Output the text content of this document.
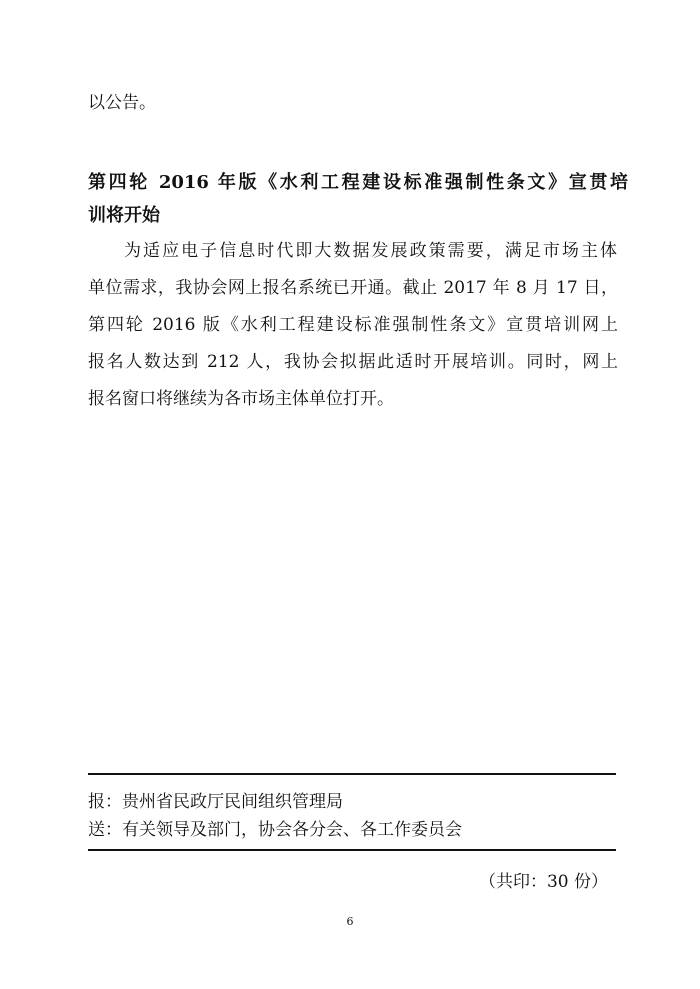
以公告。
第四轮 2016 年版《水利工程建设标准强制性条文》宣贯培
训将开始
为适应电子信息时代即大数据发展政策需要，满足市场主体
单位需求，我协会网上报名系统已开通。截止 2017 年 8 月 17 日，
第四轮 2016 版《水利工程建设标准强制性条文》宣贯培训网上
报名人数达到 212 人，我协会拟据此适时开展培训。同时，网上
报名窗口将继续为各市场主体单位打开。
报：贵州省民政厅民间组织管理局
送：有关领导及部门，协会各分会、各工作委员会
（共印：30 份）
6
